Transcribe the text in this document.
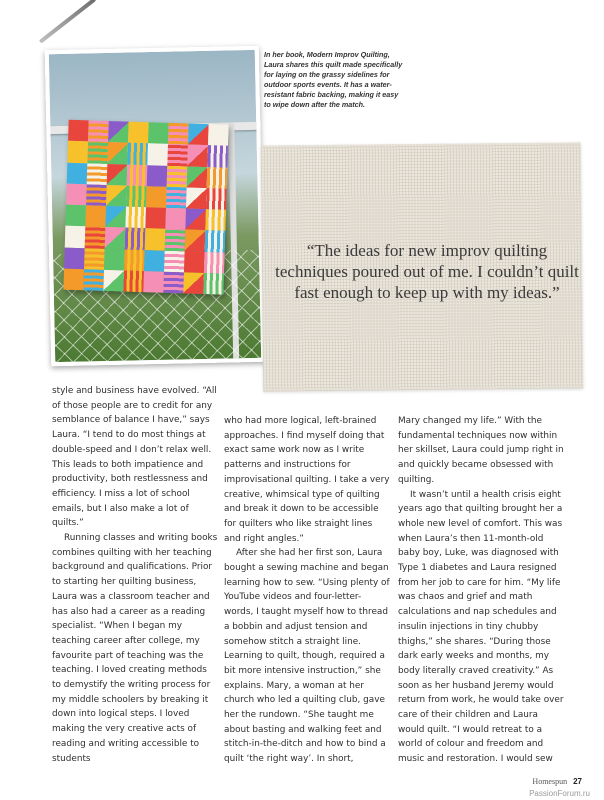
In her book, Modern Improv Quilting, Laura shares this quilt made specifically for laying on the grassy sidelines for outdoor sports events. It has a water-resistant fabric backing, making it easy to wipe down after the match.
“The ideas for new improv quilting techniques poured out of me. I couldn’t quilt fast enough to keep up with my ideas.”

style and business have evolved. “All of those people are to credit for any semblance of balance I have,” says Laura. “I tend to do most things at double-speed and I don’t relax well. This leads to both impatience and productivity, both restlessness and efficiency. I miss a lot of school emails, but I also make a lot of quilts.”

Running classes and writing books combines quilting with her teaching background and qualifications. Prior to starting her quilting business, Laura was a classroom teacher and has also had a career as a reading specialist. “When I began my teaching career after college, my favourite part of teaching was the teaching. I loved creating methods to demystify the writing process for my middle schoolers by breaking it down into logical steps. I loved making the very creative acts of reading and writing accessible to students

who had more logical, left-brained approaches. I find myself doing that exact same work now as I write patterns and instructions for improvisational quilting. I take a very creative, whimsical type of quilting and break it down to be accessible for quilters who like straight lines and right angles.”

After she had her first son, Laura bought a sewing machine and began learning how to sew. “Using plenty of YouTube videos and four-letter-words, I taught myself how to thread a bobbin and adjust tension and somehow stitch a straight line. Learning to quilt, though, required a bit more intensive instruction,” she explains. Mary, a woman at her church who led a quilting club, gave her the rundown. “She taught me about basting and walking feet and stitch-in-the-ditch and how to bind a quilt ‘the right way’. In short,

Mary changed my life.” With the fundamental techniques now within her skillset, Laura could jump right in and quickly became obsessed with quilting.

It wasn’t until a health crisis eight years ago that quilting brought her a whole new level of comfort. This was when Laura’s then 11-month-old baby boy, Luke, was diagnosed with Type 1 diabetes and Laura resigned from her job to care for him. “My life was chaos and grief and math calculations and nap schedules and insulin injections in tiny chubby thighs,” she shares. “During those dark early weeks and months, my body literally craved creativity.” As soon as her husband Jeremy would return from work, he would take over care of their children and Laura would quilt. “I would retreat to a world of colour and freedom and music and restoration. I would sew

Homespun 27
PassionForum.ru
